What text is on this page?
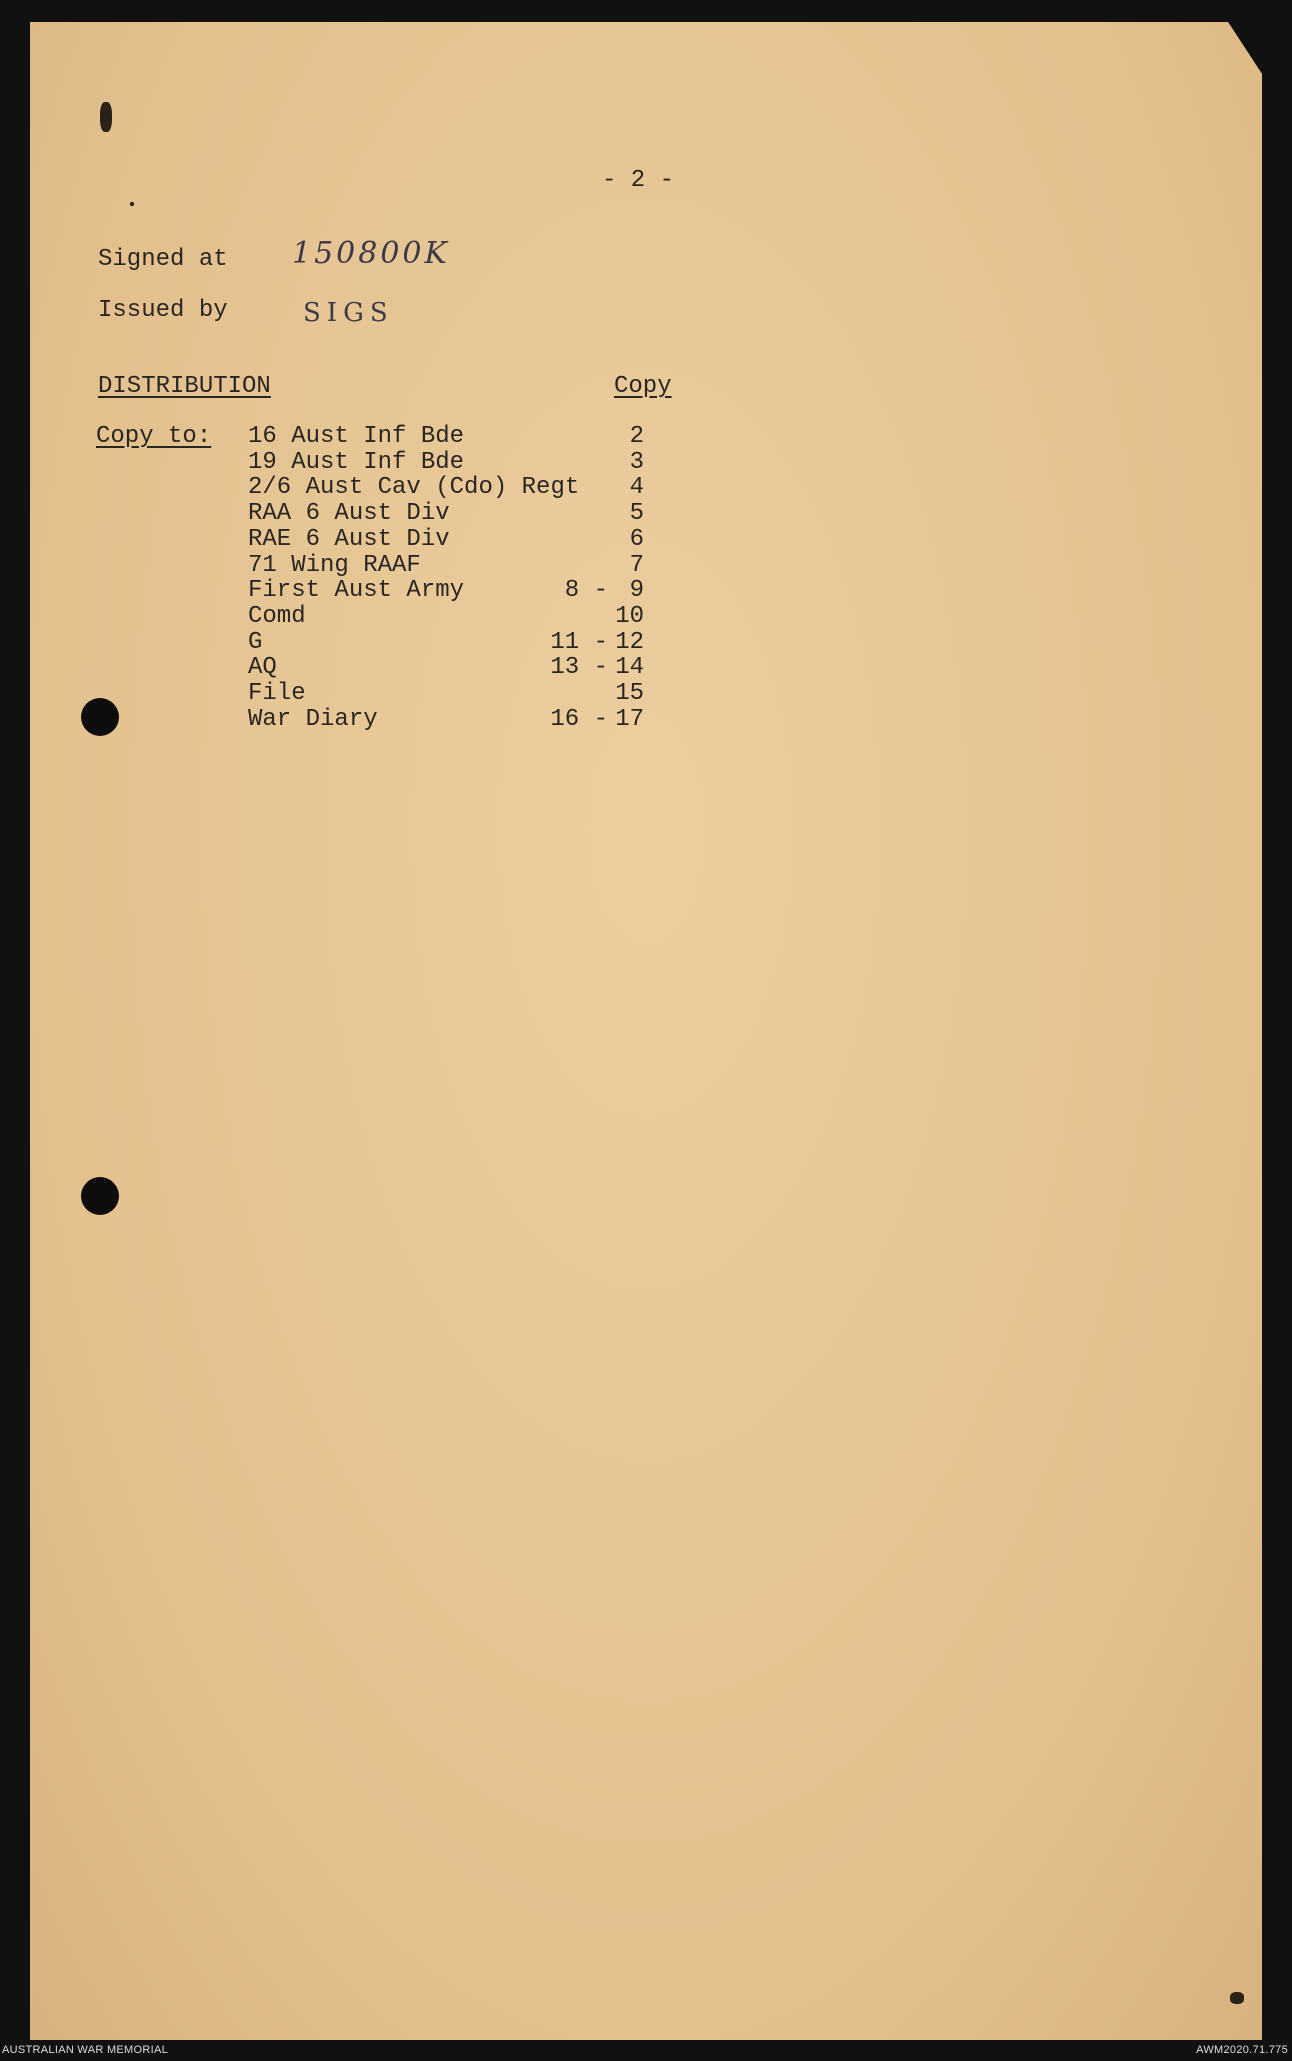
- 2 -
Signed at 150800K
Issued by	SIGS
DISTRIBUTION	Copy
Copy to: 16 Aust Inf Bde	2
19 Aust Inf Bde	3
2/6 Aust Cav (Cdo) Regt	4
RAA 6 Aust Div	5
RAE 6 Aust Div	6
71 Wing RAAF	7
First Aust Army	8 - 9
Comd	10
G	11 - 12
AQ	13 - 14
File	15
War Diary	16 - 17
AUSTRALIAN WAR MEMORIAL	AWM2020.71.775
